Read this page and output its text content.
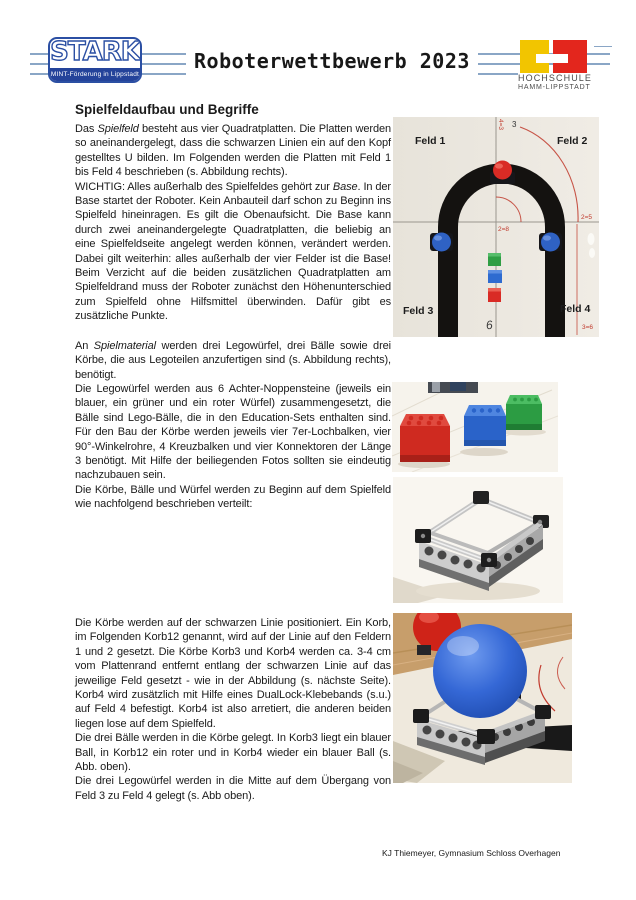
STARK
MINT-Förderung in Lippstadt
Roboterwettbewerb 2023
HOCHSCHULE
HAMM-LIPPSTADT
Spielfeldaufbau und Begriffe

Das Spielfeld besteht aus vier Quadratplatten. Die Platten werden so aneinandergelegt, dass die schwarzen Linien ein auf den Kopf gestelltes U bilden. Im Folgenden werden die Platten mit Feld 1 bis Feld 4 beschrieben (s. Abbildung rechts).

WICHTIG: Alles außerhalb des Spielfeldes gehört zur Base. In der Base startet der Roboter. Kein Anbauteil darf schon zu Beginn ins Spielfeld hineinragen. Es gilt die Obenaufsicht. Die Base kann durch zwei aneinandergelegte Quadratplatten, die beliebig an eine Spielfeldseite angelegt werden können, verändert werden. Dabei gilt weiterhin: alles außerhalb der vier Felder ist die Base! Beim Verzicht auf die beiden zusätzlichen Quadratplatten am Spielfeldrand muss der Roboter zunächst den Höhenunterschied zum Spielfeld ohne Hilfsmittel überwinden. Dafür gibt es zusätzliche Punkte.

An Spielmaterial werden drei Legowürfel, drei Bälle sowie drei Körbe, die aus Legoteilen anzufertigen sind (s. Abbildung rechts), benötigt.

Die Legowürfel werden aus 6 Achter-Noppensteine (jeweils ein blauer, ein grüner und ein roter Würfel) zusammengesetzt, die Bälle sind Lego-Bälle, die in den Education-Sets enthalten sind. Für den Bau der Körbe werden jeweils vier 7er-Lochbalken, vier 90°-Winkelrohre, 4 Kreuzbalken und vier Konnektoren der Länge 3 benötigt. Mit Hilfe der beiliegenden Fotos sollten sie eindeutig nachzubauen sein.

Die Körbe, Bälle und Würfel werden zu Beginn auf dem Spielfeld wie nachfolgend beschrieben verteilt:

Die Körbe werden auf der schwarzen Linie positioniert. Ein Korb, im Folgenden Korb12 genannt, wird auf der Linie auf den Feldern 1 und 2 gesetzt. Die Körbe Korb3 und Korb4 werden ca. 3-4 cm vom Plattenrand entfernt entlang der schwarzen Linie auf das jeweilige Feld gesetzt - wie in der Abbildung (s. nächste Seite). Korb4 wird zusätzlich mit Hilfe eines DualLock-Klebebands (s.u.) auf Feld 4 befestigt. Korb4 ist also arretiert, die anderen beiden liegen lose auf dem Spielfeld.

Die drei Bälle werden in die Körbe gelegt. In Korb3 liegt ein blauer Ball, in Korb12 ein roter und in Korb4 wieder ein blauer Ball (s. Abb. oben).

Die drei Legowürfel werden in die Mitte auf dem Übergang von Feld 3 zu Feld 4 gelegt (s. Abb oben).

Feld 1	Feld 2
Feld 3	Feld 4
4=3 3
2=8
2=5
3=6
6
KJ Thiemeyer, Gymnasium Schloss Overhagen
